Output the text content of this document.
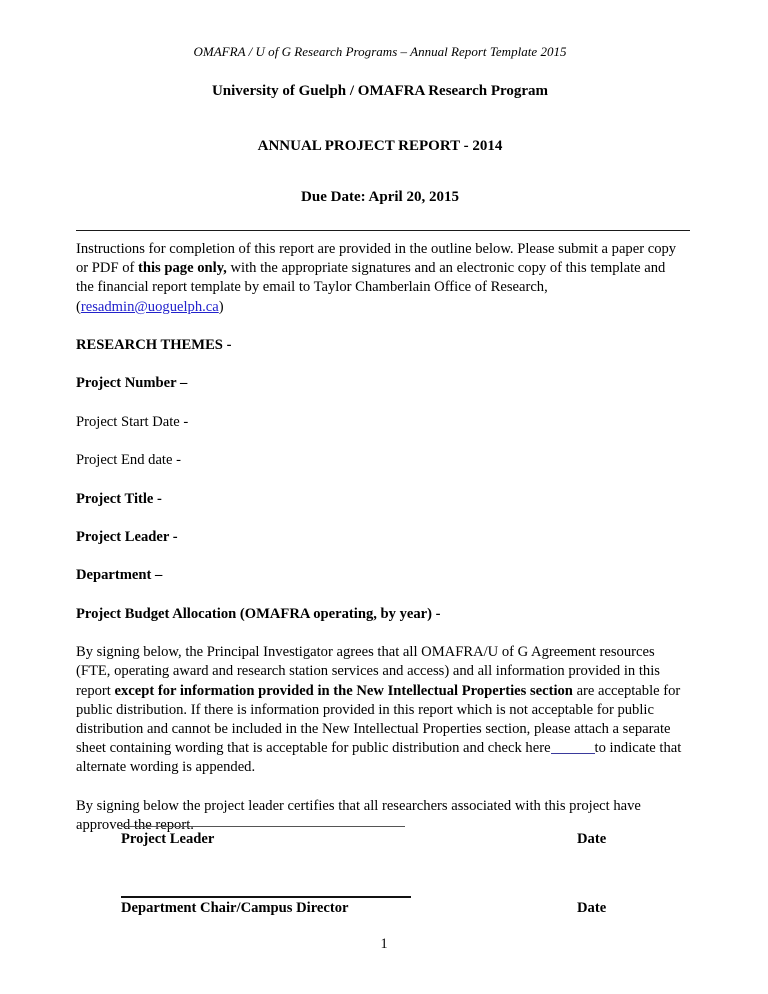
OMAFRA / U of G Research Programs – Annual Report Template 2015
University of Guelph / OMAFRA Research Program
ANNUAL PROJECT REPORT - 2014
Due Date: April 20, 2015

Instructions for completion of this report are provided in the outline below. Please submit a paper copy or PDF of this page only, with the appropriate signatures and an electronic copy of this template and the financial report template by email to Taylor Chamberlain Office of Research, (resadmin@uoguelph.ca)

RESEARCH THEMES -

Project Number –

Project Start Date -

Project End date -

Project Title -

Project Leader -

Department –

Project Budget Allocation (OMAFRA operating, by year) -

By signing below, the Principal Investigator agrees that all OMAFRA/U of G Agreement resources (FTE, operating award and research station services and access) and all information provided in this report except for information provided in the New Intellectual Properties section are acceptable for public distribution. If there is information provided in this report which is not acceptable for public distribution and cannot be included in the New Intellectual Properties section, please attach a separate sheet containing wording that is acceptable for public distribution and check here	to indicate that alternate wording is appended.

By signing below the project leader certifies that all researchers associated with this project have approved the report.

Project Leader	Date
Department Chair/Campus Director	Date
1
